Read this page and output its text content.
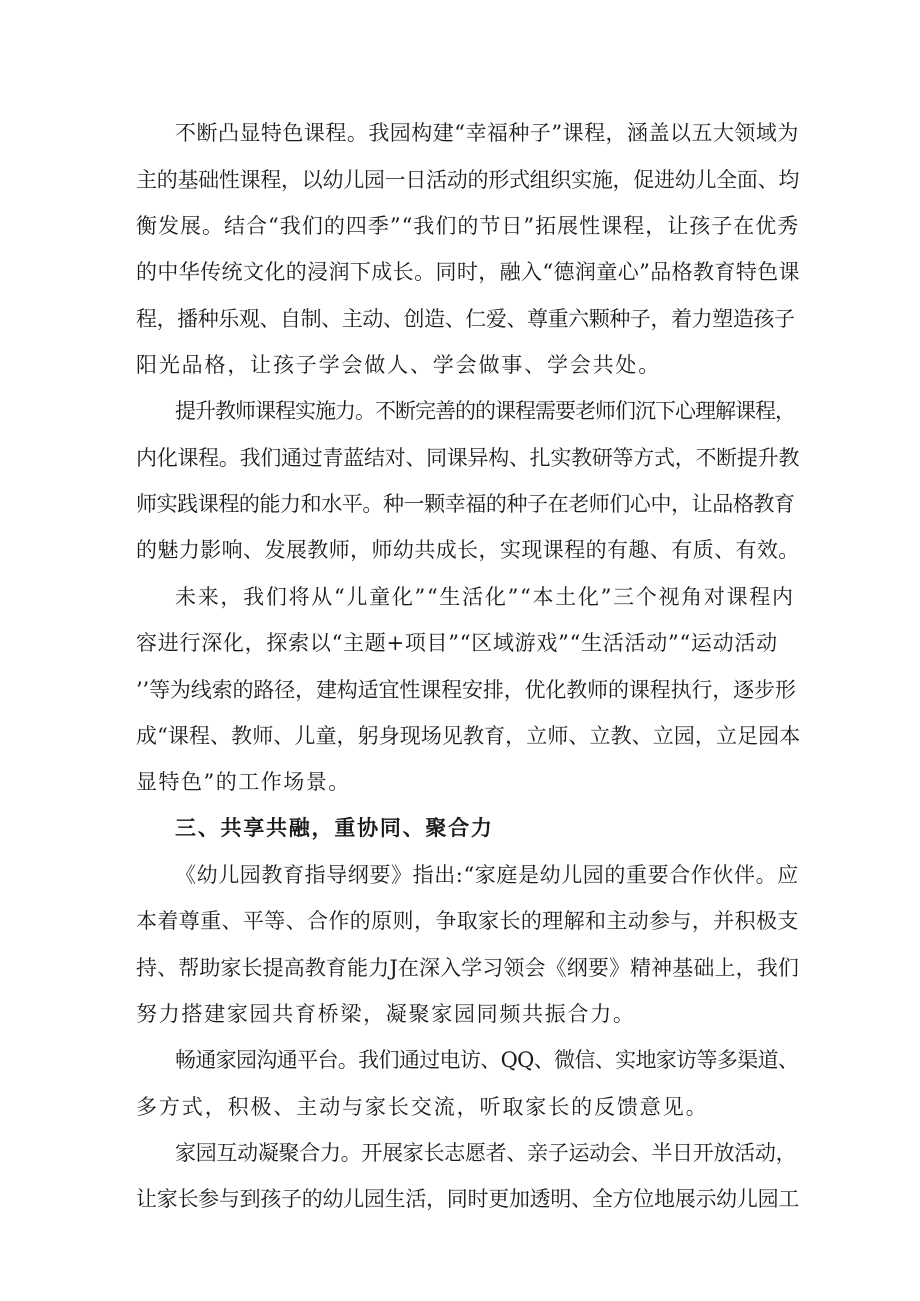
不断凸显特色课程。我园构建“幸福种子”课程，涵盖以五大领域为

主的基础性课程，以幼儿园一日活动的形式组织实施，促进幼儿全面、均

衡发展。结合“我们的四季”“我们的节日”拓展性课程，让孩子在优秀

的中华传统文化的浸润下成长。同时，融入“德润童心”品格教育特色课

程，播种乐观、自制、主动、创造、仁爱、尊重六颗种子，着力塑造孩子

阳光品格，让孩子学会做人、学会做事、学会共处。

提升教师课程实施力。不断完善的的课程需要老师们沉下心理解课程，

内化课程。我们通过青蓝结对、同课异构、扎实教研等方式，不断提升教

师实践课程的能力和水平。种一颗幸福的种子在老师们心中，让品格教育

的魅力影响、发展教师，师幼共成长，实现课程的有趣、有质、有效。

未来，我们将从“儿童化”“生活化”“本土化”三个视角对课程内

容进行深化，探索以“主题+项目”“区域游戏”“生活活动”“运动活动

’’等为线索的路径，建构适宜性课程安排，优化教师的课程执行，逐步形

成“课程、教师、儿童，躬身现场见教育，立师、立教、立园，立足园本

显特色”的工作场景。

三、共享共融，重协同、聚合力

《幼儿园教育指导纲要》指出:“家庭是幼儿园的重要合作伙伴。应

本着尊重、平等、合作的原则，争取家长的理解和主动参与，并积极支

持、帮助家长提高教育能力J在深入学习领会《纲要》精神基础上，我们

努力搭建家园共育桥梁，凝聚家园同频共振合力。

畅通家园沟通平台。我们通过电访、QQ、微信、实地家访等多渠道、

多方式，积极、主动与家长交流，听取家长的反馈意见。

家园互动凝聚合力。开展家长志愿者、亲子运动会、半日开放活动，

让家长参与到孩子的幼儿园生活，同时更加透明、全方位地展示幼儿园工
